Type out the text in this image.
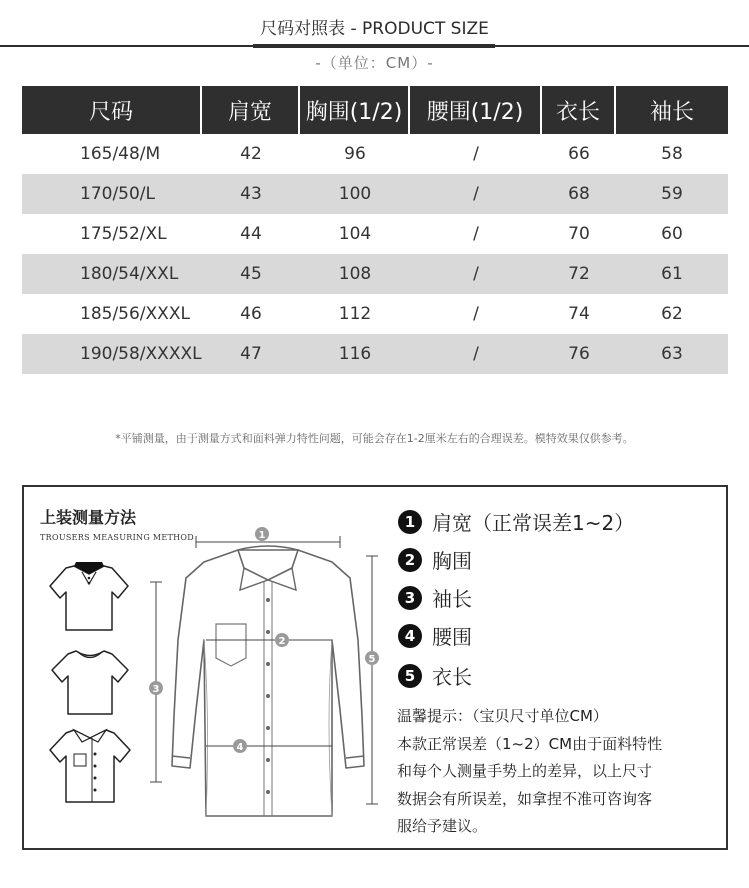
尺码对照表 - PRODUCT SIZE
-（单位：CM）-
尺码	肩宽	胸围(1/2)	腰围(1/2)	衣长	袖长
165/48/M	42	96	/	66	58
170/50/L	43	100	/	68	59
175/52/XL	44	104	/	70	60
180/54/XXL	45	108	/	72	61
185/56/XXXL	46	112	/	74	62
190/58/XXXXL	47	116	/	76	63
*平铺测量，由于测量方式和面料弹力特性问题，可能会存在1-2厘米左右的合理误差。模特效果仅供参考。
上装测量方法
TROUSERS MEASURING METHOD	1
2
3
4
5
1 肩宽（正常误差1~2）
2 胸围
3 袖长
4 腰围
5 衣长
温馨提示：（宝贝尺寸单位CM）
本款正常误差（1~2）CM由于面料特性
和每个人测量手势上的差异，以上尺寸
数据会有所误差，如拿捏不准可咨询客
服给予建议。
